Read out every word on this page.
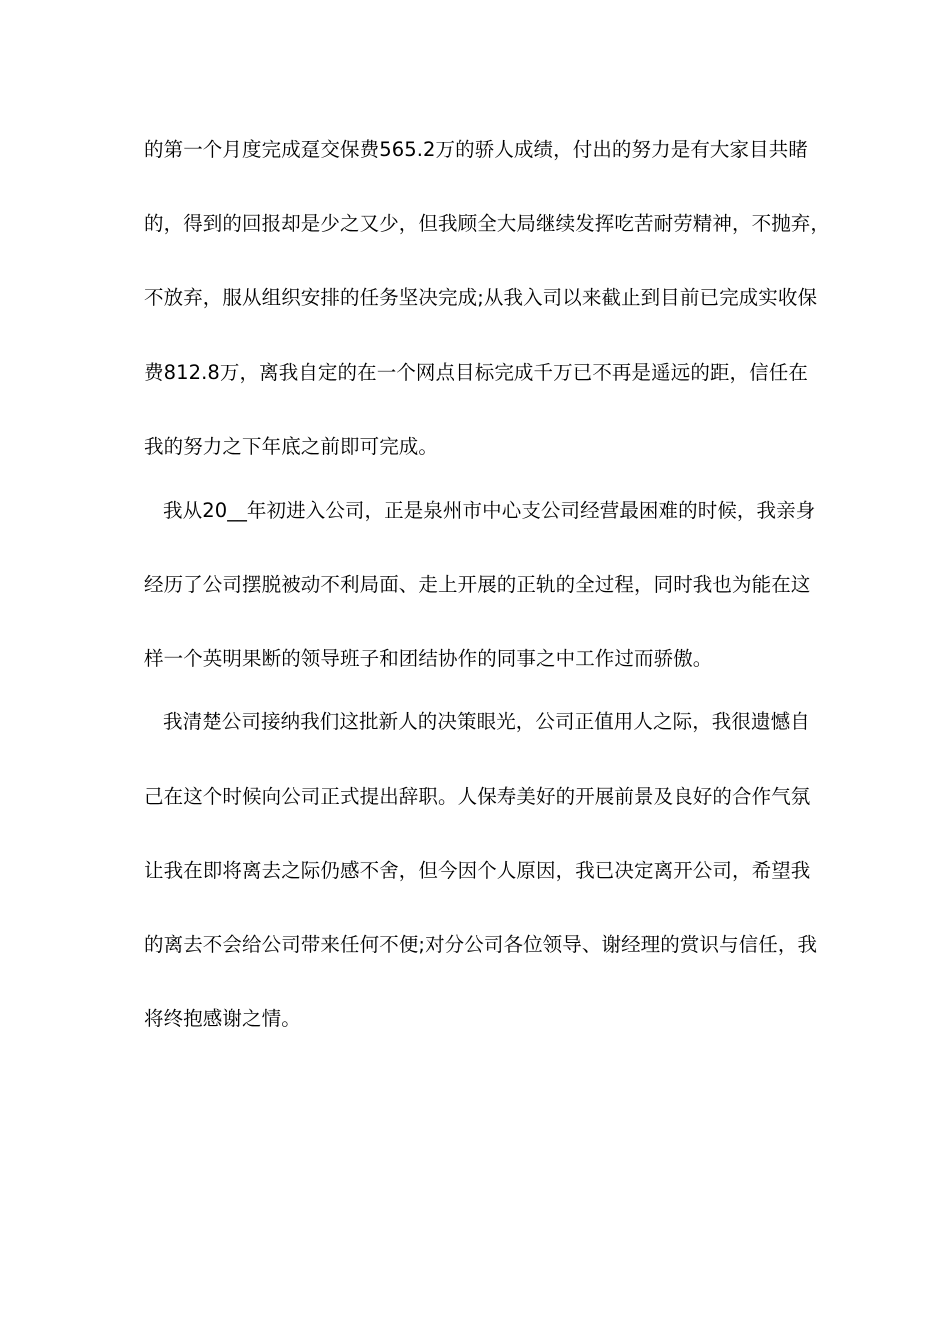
的第一个月度完成趸交保费565.2万的骄人成绩，付出的努力是有大家目共睹
的，得到的回报却是少之又少，但我顾全大局继续发挥吃苦耐劳精神，不抛弃，
不放弃，服从组织安排的任务坚决完成;从我入司以来截止到目前已完成实收保
费812.8万，离我自定的在一个网点目标完成千万已不再是遥远的距，信任在
我的努力之下年底之前即可完成。
我从20__年初进入公司，正是泉州市中心支公司经营最困难的时候，我亲身
经历了公司摆脱被动不利局面、走上开展的正轨的全过程，同时我也为能在这
样一个英明果断的领导班子和团结协作的同事之中工作过而骄傲。
我清楚公司接纳我们这批新人的决策眼光，公司正值用人之际，我很遗憾自
己在这个时候向公司正式提出辞职。人保寿美好的开展前景及良好的合作气氛
让我在即将离去之际仍感不舍，但今因个人原因，我已决定离开公司，希望我
的离去不会给公司带来任何不便;对分公司各位领导、谢经理的赏识与信任，我
将终抱感谢之情。
